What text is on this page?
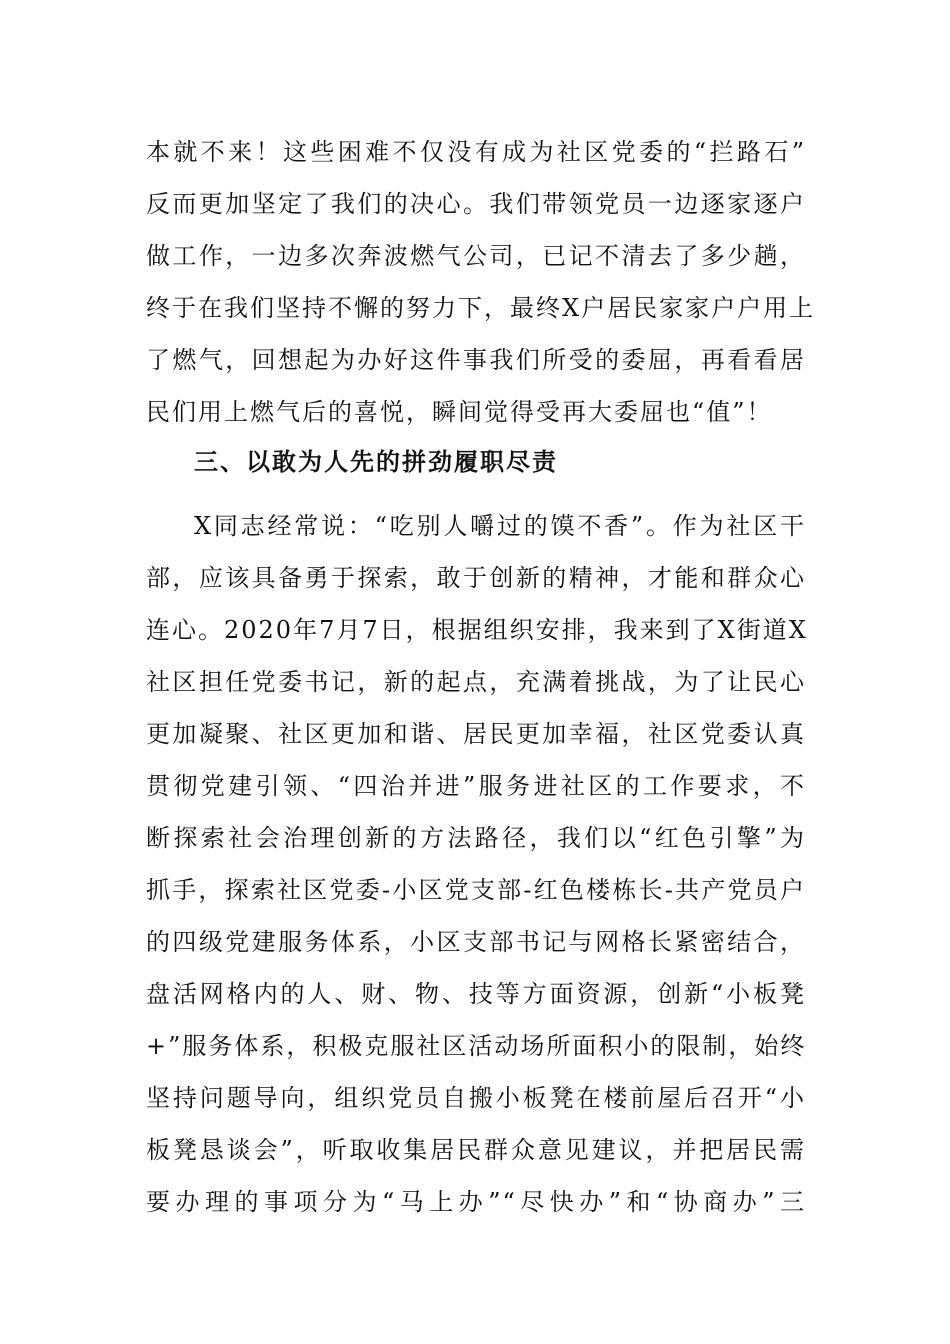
本就不来！这些困难不仅没有成为社区党委的“拦路石”
反而更加坚定了我们的决心。我们带领党员一边逐家逐户
做工作，一边多次奔波燃气公司，已记不清去了多少趟，
终于在我们坚持不懈的努力下，最终X户居民家家户户用上
了燃气，回想起为办好这件事我们所受的委屈，再看看居
民们用上燃气后的喜悦，瞬间觉得受再大委屈也“值”！
三、以敢为人先的拼劲履职尽责
X同志经常说：“吃别人嚼过的馍不香”。作为社区干
部，应该具备勇于探索，敢于创新的精神，才能和群众心
连心。2020年7月7日，根据组织安排，我来到了X街道X
社区担任党委书记，新的起点，充满着挑战，为了让民心
更加凝聚、社区更加和谐、居民更加幸福，社区党委认真
贯彻党建引领、“四治并进”服务进社区的工作要求，不
断探索社会治理创新的方法路径，我们以“红色引擎”为
抓手，探索社区党委-小区党支部-红色楼栋长-共产党员户
的四级党建服务体系，小区支部书记与网格长紧密结合，
盘活网格内的人、财、物、技等方面资源，创新“小板凳
+”服务体系，积极克服社区活动场所面积小的限制，始终
坚持问题导向，组织党员自搬小板凳在楼前屋后召开“小
板凳恳谈会”，听取收集居民群众意见建议，并把居民需
要办理的事项分为“马上办”“尽快办”和“协商办”三
